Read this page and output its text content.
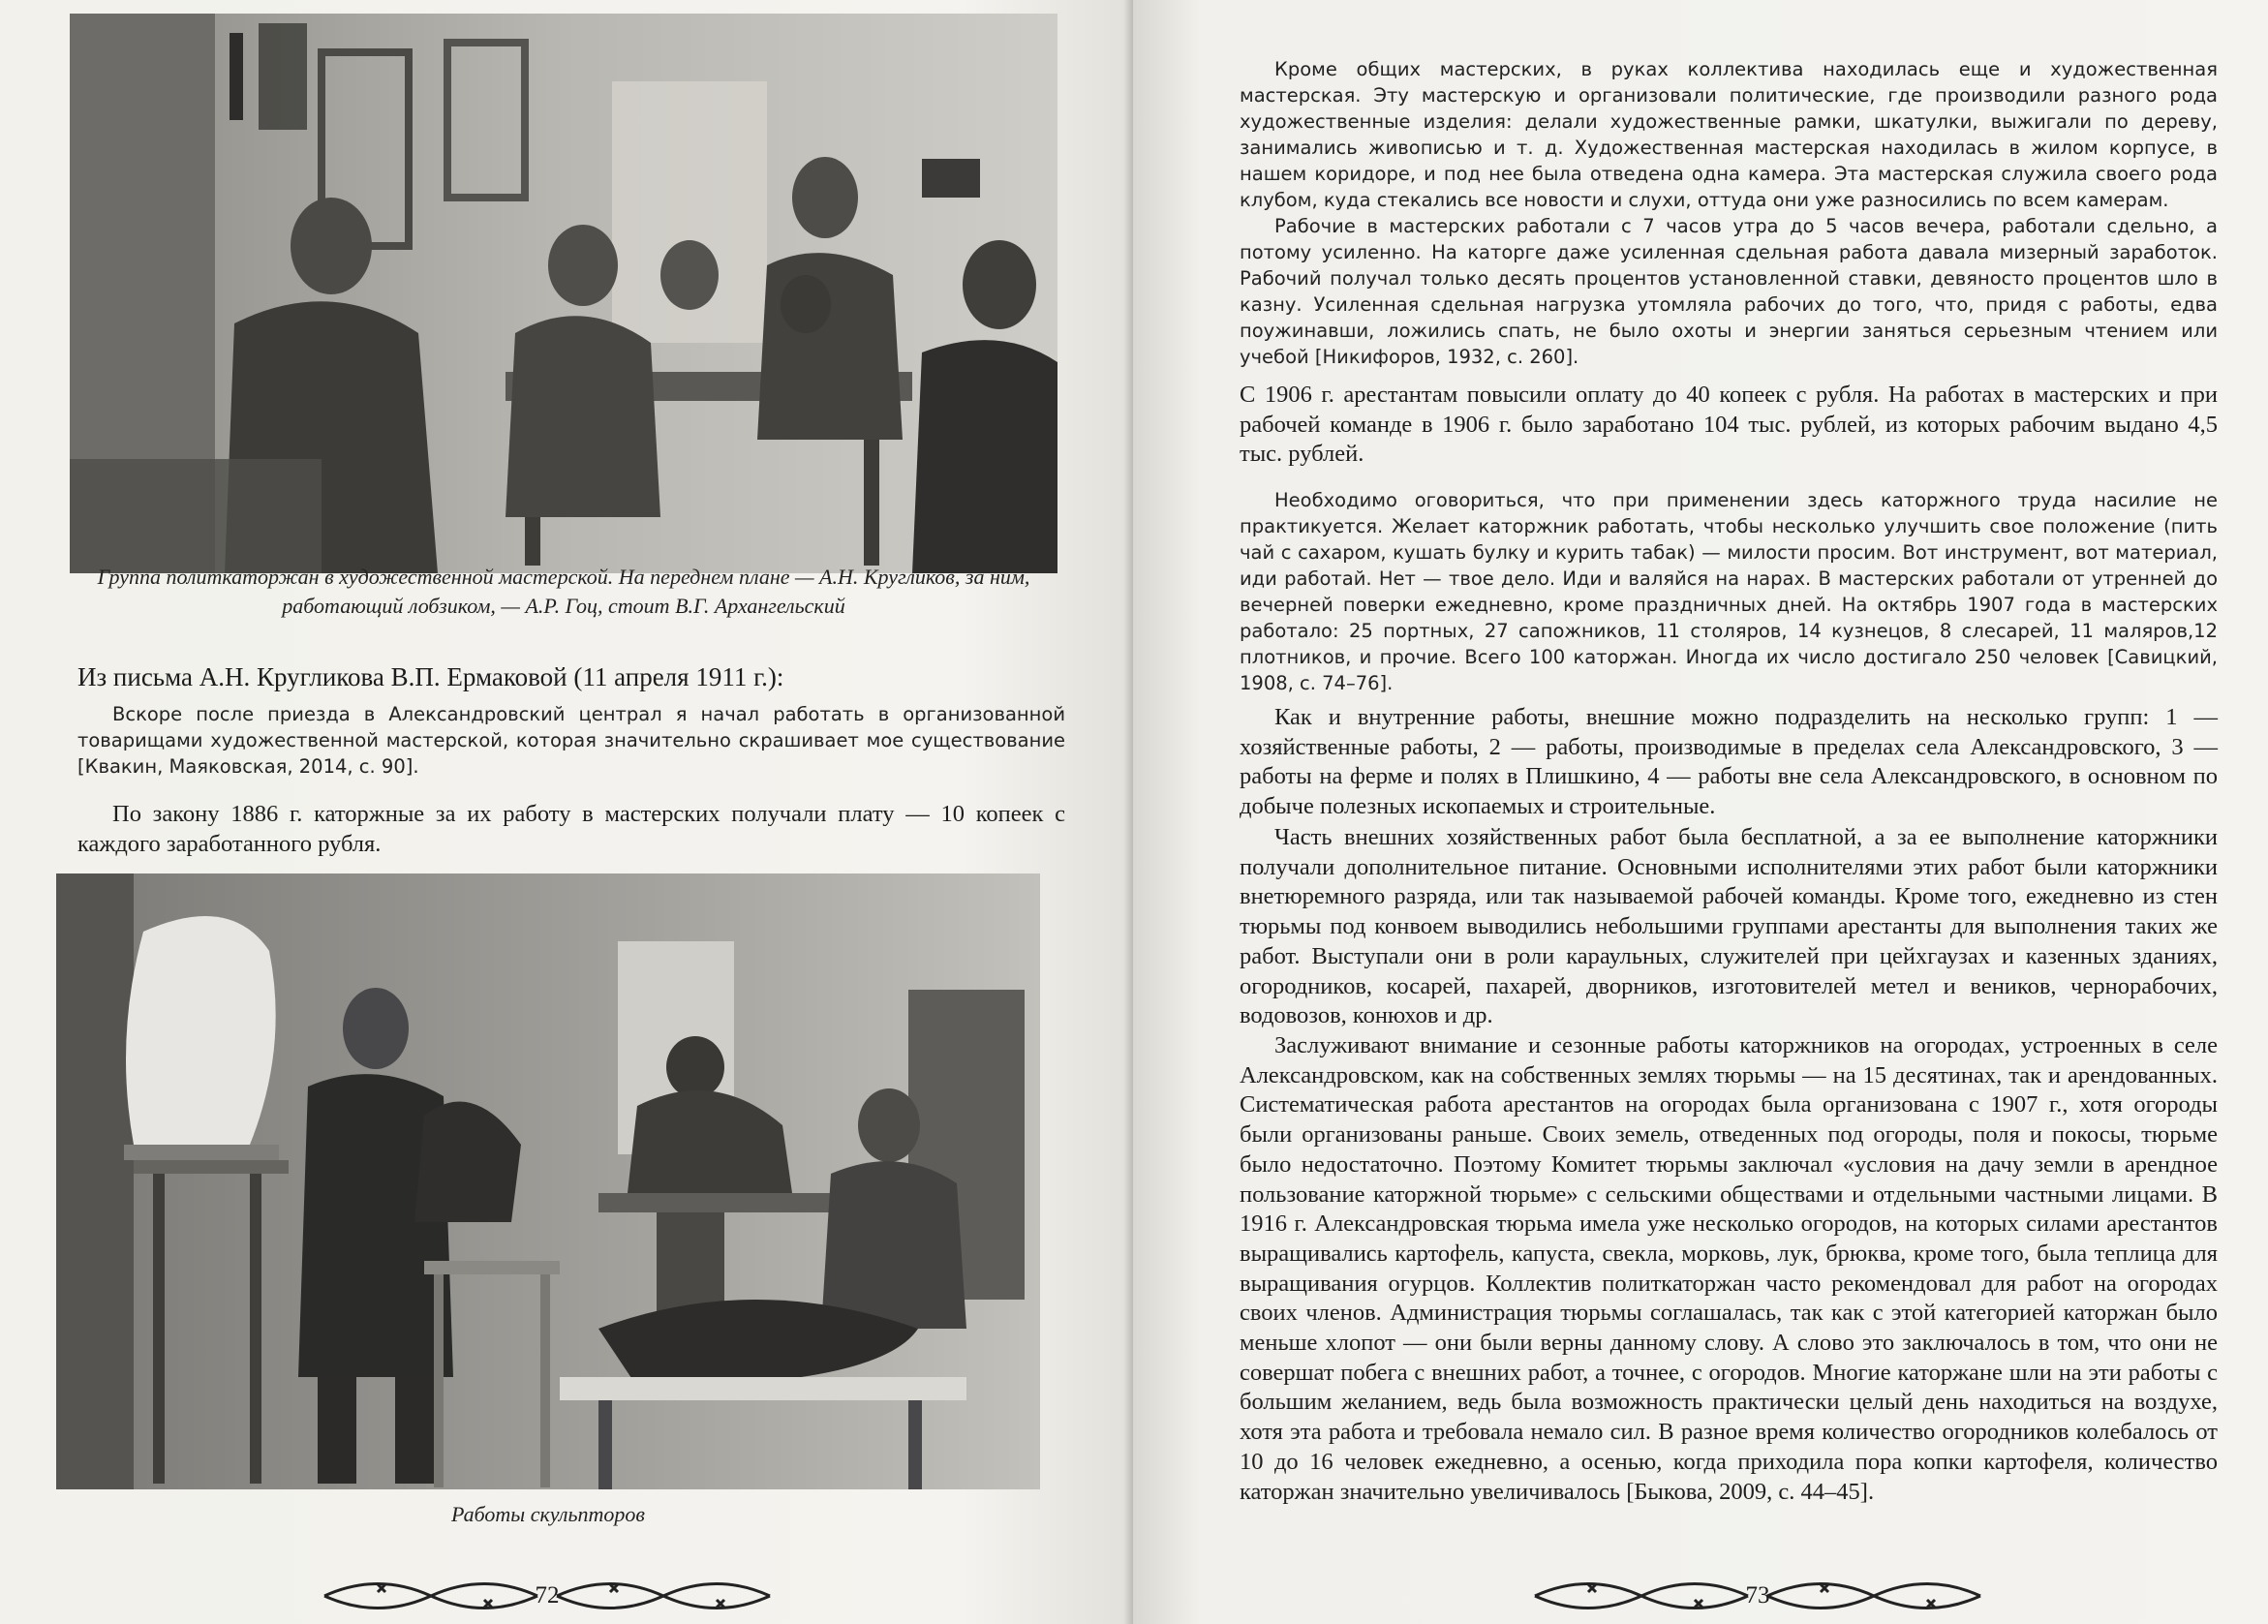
Группа политкаторжан в художественной мастерской. На переднем плане — А.Н. Кругликов, за ним, работающий лобзиком, — А.Р. Гоц, стоит В.Г. Архангельский
Из письма А.Н. Кругликова В.П. Ермаковой (11 апреля 1911 г.):
Вскоре после приезда в Александровский централ я начал работать в организованной товарищами художественной мастерской, которая значительно скрашивает мое существование [Квакин, Маяковская, 2014, с. 90].
По закону 1886 г. каторжные за их работу в мастерских получали плату — 10 копеек с каждого заработанного рубля.
Работы скульпторов
72

Кроме общих мастерских, в руках коллектива находилась еще и художественная мастерская. Эту мастерскую и организовали политические, где производили разного рода художественные изделия: делали художественные рамки, шкатулки, выжигали по дереву, занимались живописью и т. д. Художественная мастерская находилась в жилом корпусе, в нашем коридоре, и под нее была отведена одна камера. Эта мастерская служила своего рода клубом, куда стекались все новости и слухи, оттуда они уже разносились по всем камерам.

Рабочие в мастерских работали с 7 часов утра до 5 часов вечера, работали сдельно, а потому усиленно. На каторге даже усиленная сдельная работа давала мизерный заработок. Рабочий получал только десять процентов установленной ставки, девяносто процентов шло в казну. Усиленная сдельная нагрузка утомляла рабочих до того, что, придя с работы, едва поужинавши, ложились спать, не было охоты и энергии заняться серьезным чтением или учебой [Никифоров, 1932, с. 260].

С 1906 г. арестантам повысили оплату до 40 копеек с рубля. На работах в мастерских и при рабочей команде в 1906 г. было заработано 104 тыс. рублей, из которых рабочим выдано 4,5 тыс. рублей.
Необходимо оговориться, что при применении здесь каторжного труда насилие не практикуется. Желает каторжник работать, чтобы несколько улучшить свое положение (пить чай с сахаром, кушать булку и курить табак) — милости просим. Вот инструмент, вот материал, иди работай. Нет — твое дело. Иди и валяйся на нарах. В мастерских работали от утренней до вечерней поверки ежедневно, кроме праздничных дней. На октябрь 1907 года в мастерских работало: 25 портных, 27 сапожников, 11 столяров, 14 кузнецов, 8 слесарей, 11 маляров,12 плотников, и прочие. Всего 100 каторжан. Иногда их число достигало 250 человек [Савицкий, 1908, с. 74–76].
Как и внутренние работы, внешние можно подразделить на несколько групп: 1 — хозяйственные работы, 2 — работы, производимые в пределах села Александровского, 3 — работы на ферме и полях в Плишкино, 4 — работы вне села Александровского, в основном по добыче полезных ископаемых и строительные.
Часть внешних хозяйственных работ была бесплатной, а за ее выполнение каторжники получали дополнительное питание. Основными исполнителями этих работ были каторжники внетюремного разряда, или так называемой рабочей команды. Кроме того, ежедневно из стен тюрьмы под конвоем выводились небольшими группами арестанты для выполнения таких же работ. Выступали они в роли караульных, служителей при цейхгаузах и казенных зданиях, огородников, косарей, пахарей, дворников, изготовителей метел и веников, чернорабочих, водовозов, конюхов и др.
Заслуживают внимание и сезонные работы каторжников на огородах, устроенных в селе Александровском, как на собственных землях тюрьмы — на 15 десятинах, так и арендованных. Систематическая работа арестантов на огородах была организована с 1907 г., хотя огороды были организованы раньше. Своих земель, отведенных под огороды, поля и покосы, тюрьме было недостаточно. Поэтому Комитет тюрьмы заключал «условия на дачу земли в арендное пользование каторжной тюрьме» с сельскими обществами и отдельными частными лицами. В 1916 г. Александровская тюрьма имела уже несколько огородов, на которых силами арестантов выращивались картофель, капуста, свекла, морковь, лук, брюква, кроме того, была теплица для выращивания огурцов. Коллектив политкаторжан часто рекомендовал для работ на огородах своих членов. Администрация тюрьмы соглашалась, так как с этой категорией каторжан было меньше хлопот — они были верны данному слову. А слово это заключалось в том, что они не совершат побега с внешних работ, а точнее, с огородов. Многие каторжане шли на эти работы с большим желанием, ведь была возможность практически целый день находиться на воздухе, хотя эта работа и требовала немало сил. В разное время количество огородников колебалось от 10 до 16 человек ежедневно, а осенью, когда приходила пора копки картофеля, количество каторжан значительно увеличивалось [Быкова, 2009, с. 44–45].
73
